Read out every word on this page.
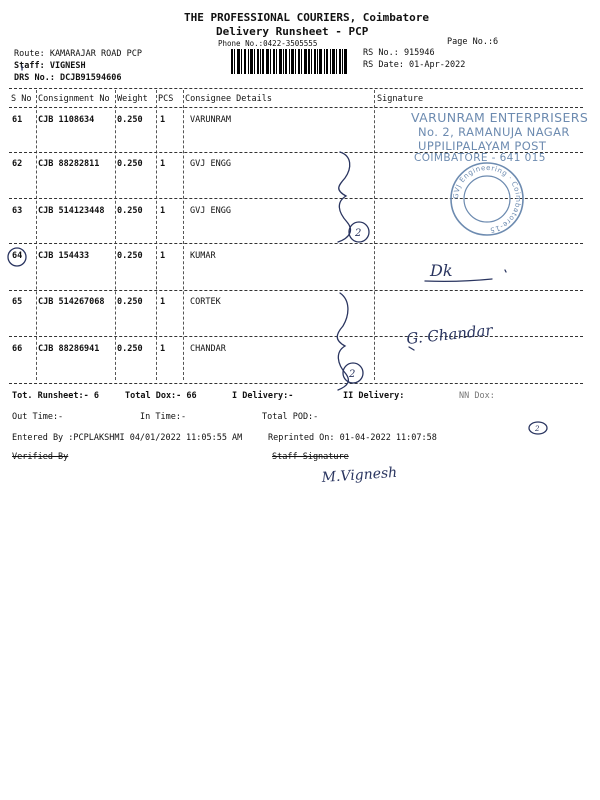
THE PROFESSIONAL COURIERS, Coimbatore
Delivery Runsheet - PCP
Phone No.:0422-3505555	Page No.:6
Route: KAMARAJAR ROAD PCP
Staff: VIGNESH
DRS No.: DCJB91594606
RS No.: 915946
RS Date: 01-Apr-2022
S No Consignment No Weight PCS Consignee Details	Signature
61 CJB 1108634	0.250 1	VARUNRAM
62 CJB 88282811 0.250 1	GVJ ENGG
63 CJB 514123448 0.250 1	GVJ ENGG
64 CJB 154433	0.250 1	KUMAR
65 CJB 514267068 0.250 1	CORTEK
66 CJB 88286941 0.250 1	CHANDAR
VARUNRAM ENTERPRISERS
No. 2, RAMANUJA NAGAR
UPPILIPALAYAM POST
COIMBATORE - 641 015
GVJ Engineering · Coimbatore-15
2
2
2
Dk
G. Chandar
M.Vignesh
Tot. Runsheet:- 6	Total Dox:- 66	I Delivery:-	II Delivery:	NN Dox:
Out Time:-	In Time:-	Total POD:-
Entered By :PCPLAKSHMI 04/01/2022 11:05:55 AM	Reprinted On: 01-04-2022 11:07:58
Verified By	Staff Signature
